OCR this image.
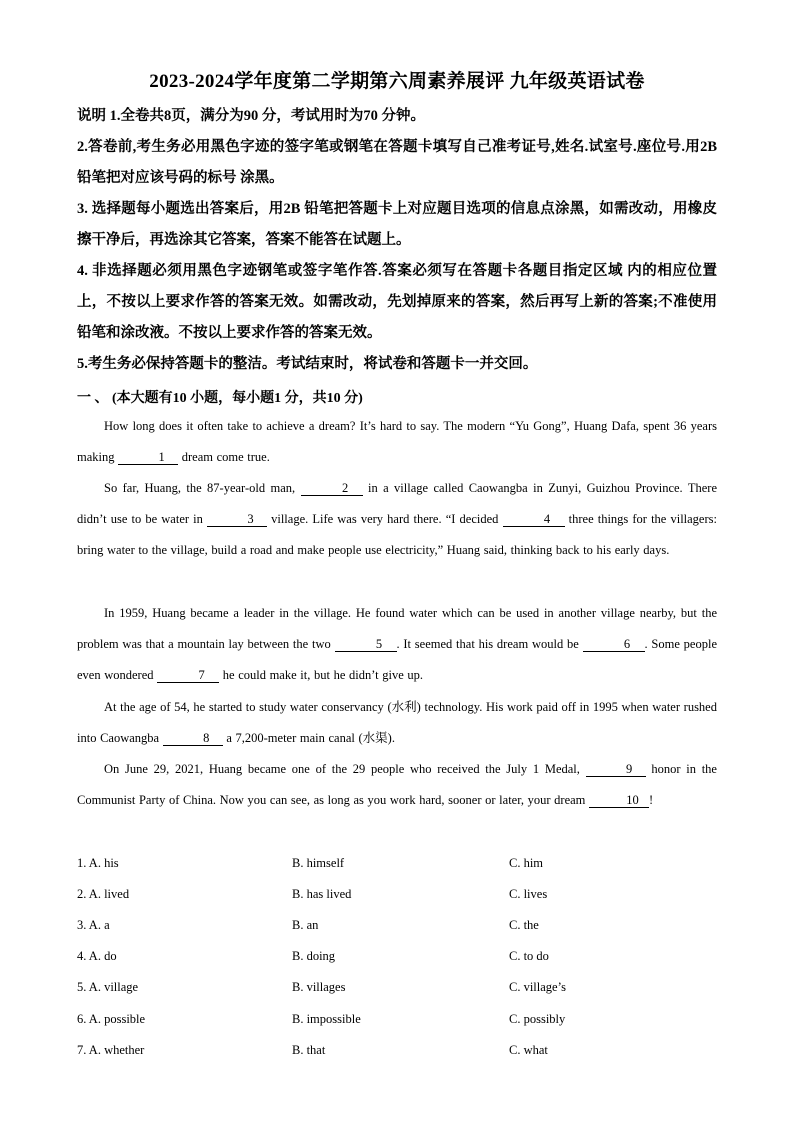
2023-2024学年度第二学期第六周素养展评 九年级英语试卷
说明 1.全卷共8页，满分为90 分，考试用时为70 分钟。
2.答卷前,考生务必用黑色字迹的签字笔或钢笔在答题卡填写自己准考证号,姓名.试室号.座位号.用2B 铅笔把对应该号码的标号 涂黑。
3. 选择题每小题选出答案后，用2B 铅笔把答题卡上对应题目选项的信息点涂黑，如需改动，用橡皮擦干净后，再选涂其它答案，答案不能答在试题上。
4. 非选择题必须用黑色字迹钢笔或签字笔作答.答案必须写在答题卡各题目指定区域 内的相应位置上，不按以上要求作答的答案无效。如需改动，先划掉原来的答案，然后再写上新的答案;不准使用铅笔和涂改液。不按以上要求作答的答案无效。
5.考生务必保持答题卡的整洁。考试结束时，将试卷和答题卡一并交回。
一 、 (本大题有10 小题，每小题1 分，共10 分)
How long does it often take to achieve a dream? It’s hard to say. The modern “Yu Gong”, Huang Dafa, spent 36 years making	1 dream come true.
So far, Huang, the 87-year-old man,	2 in a village called Caowangba in Zunyi, Guizhou Province. There didn’t use to be water in	3 village. Life was very hard there. “I decided	4 three things for the villagers: bring water to the village, build a road and make people use electricity,” Huang said, thinking back to his early days.
In 1959, Huang became a leader in the village. He found water which can be used in another village nearby, but the problem was that a mountain lay between the two	5 . It seemed that his dream would be	6 . Some people even wondered	7 he could make it, but he didn’t give up.
At the age of 54, he started to study water conservancy (水利) technology. His work paid off in 1995 when water rushed into Caowangba	8 a 7,200-meter main canal (水渠).
On June 29, 2021, Huang became one of the 29 people who received the July 1 Medal,	9 honor in the Communist Party of China. Now you can see, as long as you work hard, sooner or later, your dream	10 !
1. A. his	B. himself	C. him
2. A. lived	B. has lived	C. lives
3. A. a	B. an	C. the
4. A. do	B. doing	C. to do
5. A. village	B. villages	C. village’s
6. A. possible	B. impossible	C. possibly
7. A. whether	B. that	C. what
